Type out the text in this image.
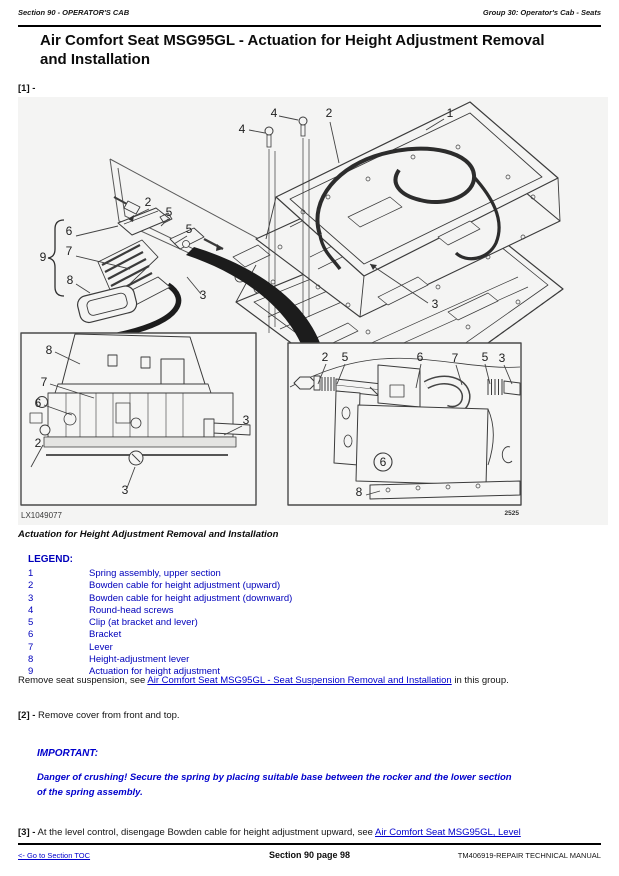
Section 90 - OPERATOR'S CAB	Group 30: Operator's Cab - Seats
Air Comfort Seat MSG95GL - Actuation for Height Adjustment Removal
and Installation
[1] -
4
4	2	1
3
2
5
5
6
7
8
9
3
8
7
6
2
3
3
2 5	6 7 5 3
6
8
LX1049077	2525
Actuation for Height Adjustment Removal and Installation
LEGEND:
1	Spring assembly, upper section
2	Bowden cable for height adjustment (upward)
3	Bowden cable for height adjustment (downward)
4	Round-head screws
5	Clip (at bracket and lever)
6	Bracket
7	Lever
8	Height-adjustment lever
9	Actuation for height adjustment
Remove seat suspension, see Air Comfort Seat MSG95GL - Seat Suspension Removal and Installation in this group.
[2] - Remove cover from front and top.
IMPORTANT:
Danger of crushing! Secure the spring by placing suitable base between the rocker and the lower section
of the spring assembly.
[3] - At the level control, disengage Bowden cable for height adjustment upward, see Air Comfort Seat MSG95GL, Level
<- Go to Section TOC	Section 90 page 98	TM406919-REPAIR TECHNICAL MANUAL
